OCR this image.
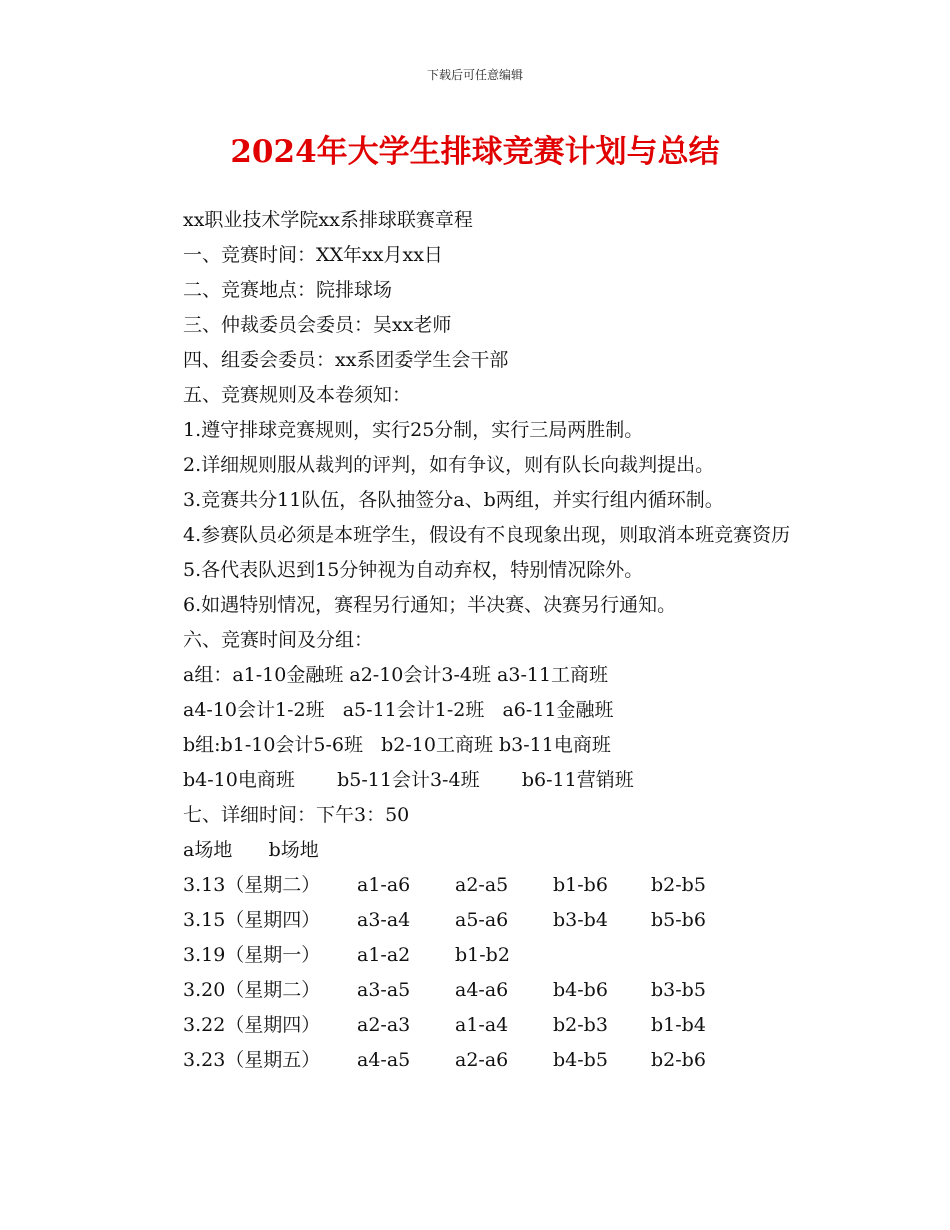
下载后可任意编辑
2024年大学生排球竞赛计划与总结
xx职业技术学院xx系排球联赛章程
一、竞赛时间：XX年xx月xx日
二、竞赛地点：院排球场
三、仲裁委员会委员：吴xx老师
四、组委会委员：xx系团委学生会干部
五、竞赛规则及本卷须知：
1.遵守排球竞赛规则，实行25分制，实行三局两胜制。
2.详细规则服从裁判的评判，如有争议，则有队长向裁判提出。
3.竞赛共分11队伍，各队抽签分a、b两组，并实行组内循环制。
4.参赛队员必须是本班学生，假设有不良现象出现，则取消本班竞赛资历
5.各代表队迟到15分钟视为自动弃权，特别情况除外。
6.如遇特别情况，赛程另行通知；半决赛、决赛另行通知。
六、竞赛时间及分组：
a组：a1-10金融班 a2-10会计3-4班 a3-11工商班
a4-10会计1-2班   a5-11会计1-2班   a6-11金融班
b组:b1-10会计5-6班   b2-10工商班 b3-11电商班
b4-10电商班       b5-11会计3-4班       b6-11营销班
七、详细时间：下午3：50
a场地      b场地
3.13（星期二） a1-a6 a2-a5 b1-b6 b2-b5
3.15（星期四） a3-a4 a5-a6 b3-b4 b5-b6
3.19（星期一） a1-a2 b1-b2
3.20（星期二） a3-a5 a4-a6 b4-b6 b3-b5
3.22（星期四） a2-a3 a1-a4 b2-b3 b1-b4
3.23（星期五） a4-a5 a2-a6 b4-b5 b2-b6
